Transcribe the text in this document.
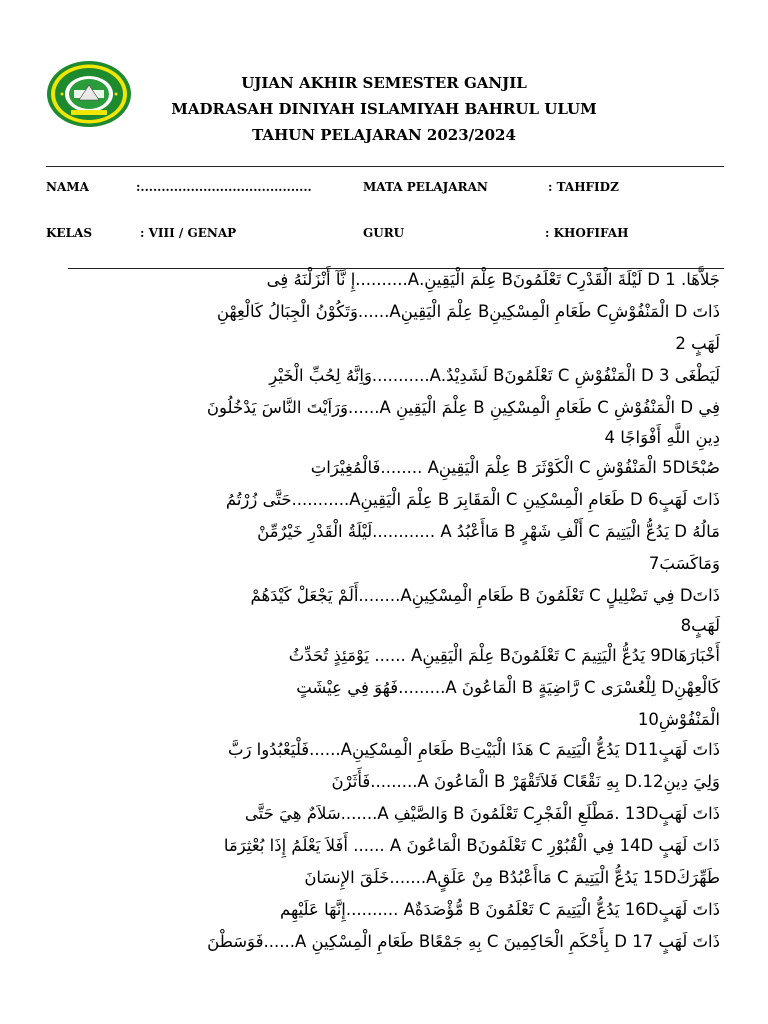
UJIAN AKHIR SEMESTER GANJIL
MADRASAH DINIYAH ISLAMIYAH BAHRUL ULUM
TAHUN PELAJARAN 2023/2024
NAMA	:.........................................	MATA PELAJARAN	: TAHFIDZ
KELAS	: VIII / GENAP	GURU	: KHOFIFAH
جَلاَّهَا. D 1 لَيْلَةَ الْقَدْرِC تَعْلَمُونَB عِلْمَ الْيَقِينِ.A..........إِ نَّآ أَنْزَلْنَهُ فِى
ذَاتَ D الْمَنْفُوْشِC طَعَامِ الْمِسْكِينِB عِلْمَ الْيَقِينِA......وَتَكُوْنُ الْجِبَالُ كَالْعِهْنِ
لَهَبٍ 2
لَيَطْغَى 3 D الْمَنْفُوْشِ C تَعْلَمُونَB لَشَدِيْدٌ.A...........وَاِنَّهُ لِحُبِّ الْخَيْرِ
فِي D الْمَنْفُوْشِ C طَعَامِ الْمِسْكِينِ B عِلْمَ الْيَقِينِ A......وَرَاَيْتَ النَّاسَ يَدْخُلُونَ
دِينِ اللَّهِ أَفْوَاجًا 4
صُبْحًا5D الْمَنْفُوْشِ C الْكَوْثَرَ B عِلْمَ الْيَقِينِA ........فَالْمُغِيْرَاتِ
ذَاتَ لَهَبٍ6 D طَعَامِ الْمِسْكِينِ C الْمَقَابِرَ B عِلْمَ الْيَقِينِA...........حَتَّى زُرْتُمُ
مَالُهُ D يَدُعُّ الْيَتِيمَ C أَلْفِ شَهْرٍ B مَاأَعْبُدُ A ............لَيْلَةُ الْقَدْرِ خَيْرٌمِّنْ
وَمَاكَسَبَ7
ذَاتَD فِي تَضْلِيلٍ C تَعْلَمُونَ B طَعَامِ الْمِسْكِينِA........أَلَمْ يَجْعَلْ كَيْدَهُمْ
لَهَبٍ8
أَخْبَارَهَا9D يَدُعُّ الْيَتِيمَ C تَعْلَمُونَB عِلْمَ الْيَقِينِA ...... يَوْمَئِذٍ تُحَدِّثُ
كَالْعِهْنِD لِلْعُسْرَى C رَّاضِيَةٍ B الْمَاعُونَ A.........فَهُوَ فِي عِيْشَتٍ
الْمَنْفُوْشِ10
ذَاتَ لَهَبٍD11 يَدُعُّ الْيَتِيمَ C هَذَا الْبَيْتِB طَعَامِ الْمِسْكِينِA......فَلْيَعْبُدُوا رَبَّ
وَلِيَ دِينِ12.D بِهِ نَقْعًاC فَلاَتَقْهَرْ B الْمَاعُونَ A.........فَأَثَرْنَ
ذَاتَ لَهَبٍ13D .مَطْلَعِ الْفَجْرِC تَعْلَمُونَ B وَالصَّيْفِ A.......سَلاَمٌ هِيَ حَتَّى
ذَاتَ لَهَبٍ 14D فِي الْقُبُوْرِ C تَعْلَمُونَB الْمَاعُونَ A ...... أَفَلاَ يَعْلَمُ إِذَا بُعْثِرَمَا
طَهِّرَكَ15D يَدُعُّ الْيَتِيمَ C مَاأَعْبُدُB مِنْ عَلَقٍA.......خَلَقَ الإِنسَانَ
ذَاتَ لَهَبٍ16D يَدُعُّ الْيَتِيمَ C تَعْلَمُونَ B مُّؤْصَدَةٌA ..........إِنَّهَا عَلَيْهِم
ذَاتَ لَهَبٍ 17 D بِأَحْكَمِ الْحَاكِمِينَ C بِهِ جَمْعًاB طَعَامِ الْمِسْكِينِ A......فَوَسَطْنَ
